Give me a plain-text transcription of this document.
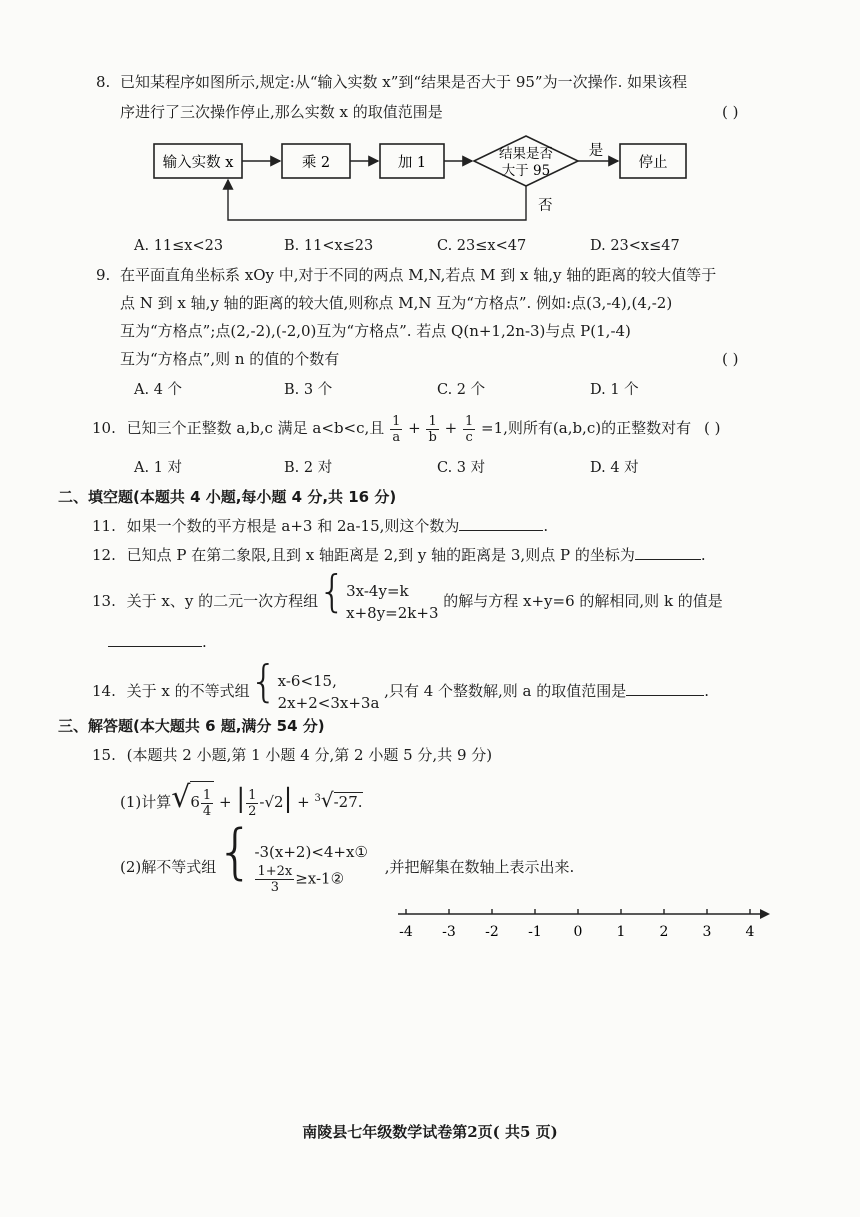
8. 已知某程序如图所示,规定:从“输入实数 x”到“结果是否大于 95”为一次操作. 如果该程
序进行了三次操作停止,那么实数 x 的取值范围是	( )
输入实数 x	乘 2	加 1
结果是否
大于 95
是
停止
否
A. 11≤x<23	B. 11<x≤23	C. 23≤x<47	D. 23<x≤47
9. 在平面直角坐标系 xOy 中,对于不同的两点 M,N,若点 M 到 x 轴,y 轴的距离的较大值等于
点 N 到 x 轴,y 轴的距离的较大值,则称点 M,N 互为“方格点”. 例如:点(3,-4),(4,-2)
互为“方格点”;点(2,-2),(-2,0)互为“方格点”. 若点 Q(n+1,2n-3)与点 P(1,-4)
互为“方格点”,则 n 的值的个数有	( )
A. 4 个	B. 3 个	C. 2 个	D. 1 个
10. 已知三个正整数 a,b,c 满足 a<b<c,且 $\frac{1}{a} + \frac{1}{b} + \frac{1}{c} =1$,则所有(a,b,c)的正整数对有 ( )
A. 1 对	B. 2 对	C. 3 对	D. 4 对
二、填空题(本题共 4 小题,每小题 4 分,共 16 分)
11. 如果一个数的平方根是 a+3 和 2a-15,则这个数为	.
12. 已知点 P 在第二象限,且到 x 轴距离是 2,到 y 轴的距离是 3,则点 P 的坐标为	.
13. 关于 x、y 的二元一次方程组{ 3x-4y=k
x+8y=2k+3
的解与方程 x+y=6 的解相同,则 k 的值是
.
14. 关于 x 的不等式组{ x-6<15,
2x+2<3x+3a
,只有 4 个整数解,则 a 的取值范围是	.
三、解答题(本大题共 6 题,满分 54 分)
15. (本题共 2 小题,第 1 小题 4 分,第 2 小题 5 分,共 9 分)
(1)计算$√6 \frac{1}{4}$ + | $\frac{1}{2} -√2| + ^3√-27$.
(2)解不等式组{ -3(x+2)<4+x①
$\frac{1+2x}{3}$ ≥x-1②
,并把解集在数轴上表示出来.
-4 -3 -2 -1 0 1 2 3 4
南陵县七年级数学试卷第2页( 共5 页)
